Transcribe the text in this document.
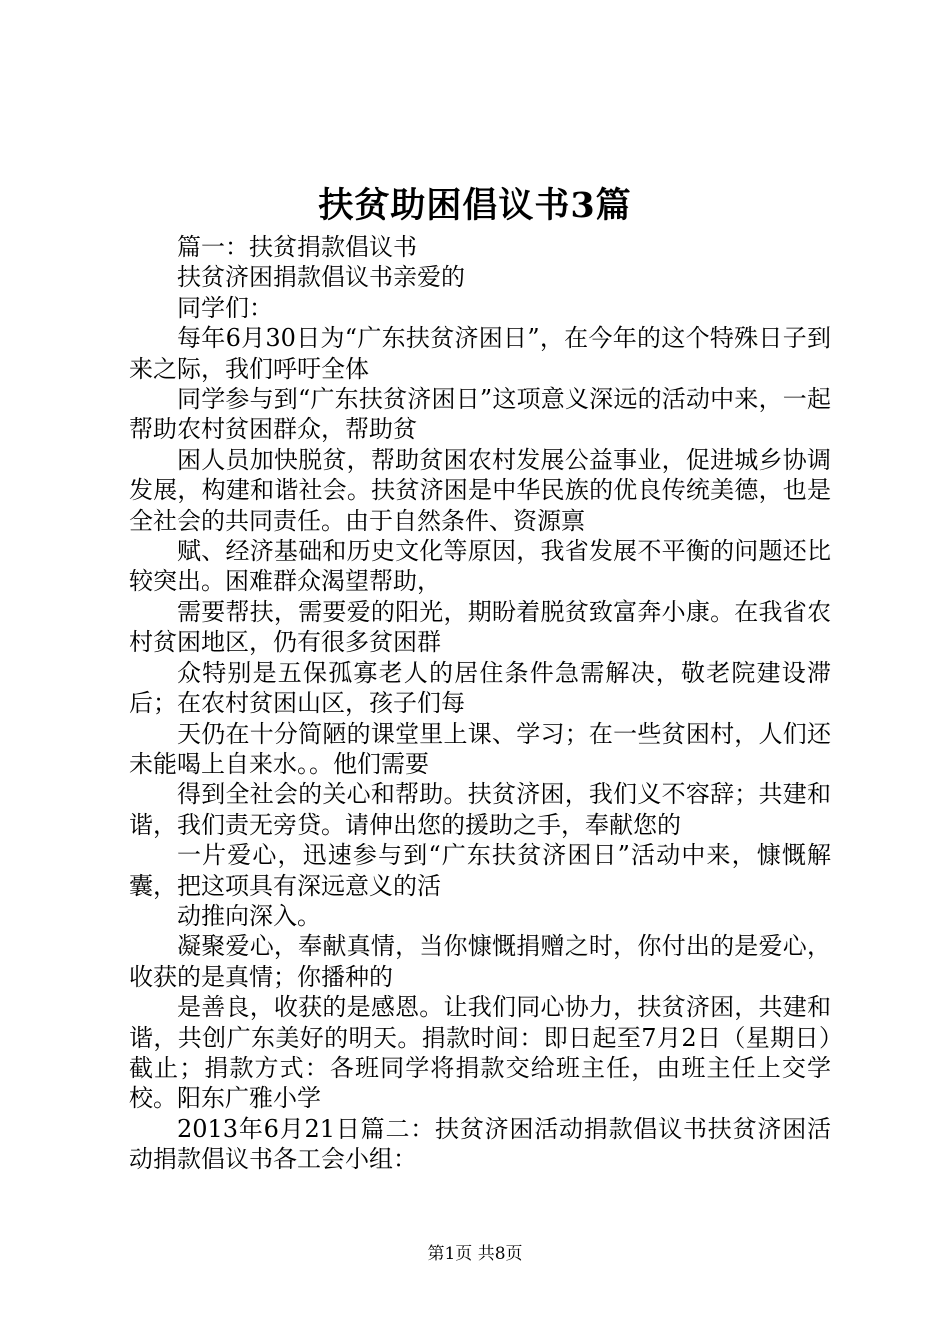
扶贫助困倡议书3篇

篇一：扶贫捐款倡议书

扶贫济困捐款倡议书亲爱的

同学们：

每年6月30日为“广东扶贫济困日”，在今年的这个特殊日子到来之际，我们呼吁全体

同学参与到“广东扶贫济困日”这项意义深远的活动中来，一起帮助农村贫困群众，帮助贫

困人员加快脱贫，帮助贫困农村发展公益事业，促进城乡协调发展，构建和谐社会。扶贫济困是中华民族的优良传统美德，也是全社会的共同责任。由于自然条件、资源禀

赋、经济基础和历史文化等原因，我省发展不平衡的问题还比较突出。困难群众渴望帮助，

需要帮扶，需要爱的阳光，期盼着脱贫致富奔小康。在我省农村贫困地区，仍有很多贫困群

众特别是五保孤寡老人的居住条件急需解决，敬老院建设滞后；在农村贫困山区，孩子们每

天仍在十分简陋的课堂里上课、学习；在一些贫困村，人们还未能喝上自来水。。他们需要

得到全社会的关心和帮助。扶贫济困，我们义不容辞；共建和谐，我们责无旁贷。请伸出您的援助之手，奉献您的

一片爱心，迅速参与到“广东扶贫济困日”活动中来，慷慨解囊，把这项具有深远意义的活

动推向深入。

凝聚爱心，奉献真情，当你慷慨捐赠之时，你付出的是爱心，收获的是真情；你播种的

是善良，收获的是感恩。让我们同心协力，扶贫济困，共建和谐，共创广东美好的明天。捐款时间：即日起至7月2日（星期日）截止；捐款方式：各班同学将捐款交给班主任，由班主任上交学校。阳东广雅小学

2013年6月21日篇二：扶贫济困活动捐款倡议书扶贫济困活动捐款倡议书各工会小组：

第1页 共8页
